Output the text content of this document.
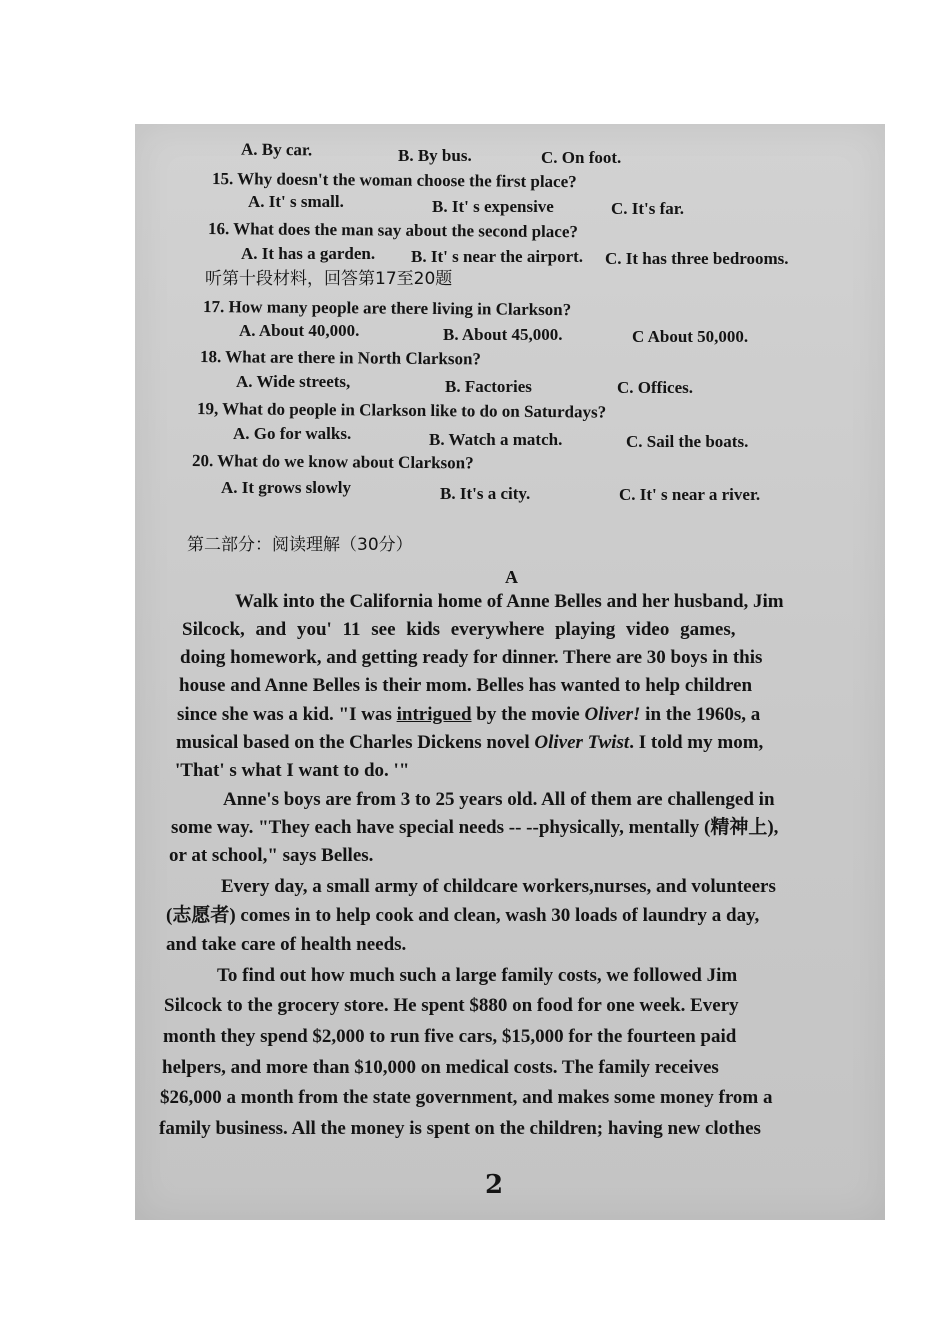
A. By car.	B. By bus.	C. On foot.
15. Why doesn't the woman choose the first place?
A. It' s small.	B. It' s expensive	C. It's far.
16. What does the man say about the second place?
A. It has a garden. B. It' s near the airport. C. It has three bedrooms.
听第十段材料，回答第17至20题
17. How many people are there living in Clarkson?
A. About 40,000.	B. About 45,000.	C About 50,000.
18. What are there in North Clarkson?
A. Wide streets,	B. Factories	C. Offices.
19, What do people in Clarkson like to do on Saturdays?
A. Go for walks.	B. Watch a match.	C. Sail the boats.
20. What do we know about Clarkson?
A. It grows slowly	B. It's a city.	C. It' s near a river.
第二部分：阅读理解（30分）
A
Walk into the California home of Anne Belles and her husband, Jim
Silcock, and you' 11 see kids everywhere playing video games,
doing homework, and getting ready for dinner. There are 30 boys in this
house and Anne Belles is their mom. Belles has wanted to help children
since she was a kid. "I was intrigued by the movie Oliver! in the 1960s, a
musical based on the Charles Dickens novel Oliver Twist. I told my mom,
'That' s what I want to do. '"
Anne's boys are from 3 to 25 years old. All of them are challenged in
some way. "They each have special needs -- --physically, mentally (精神上),
or at school," says Belles.
Every day, a small army of childcare workers,nurses, and volunteers
(志愿者) comes in to help cook and clean, wash 30 loads of laundry a day,
and take care of health needs.
To find out how much such a large family costs, we followed Jim
Silcock to the grocery store. He spent $880 on food for one week. Every
month they spend $2,000 to run five cars, $15,000 for the fourteen paid
helpers, and more than $10,000 on medical costs. The family receives
$26,000 a month from the state government, and makes some money from a
family business. All the money is spent on the children; having new clothes
2
